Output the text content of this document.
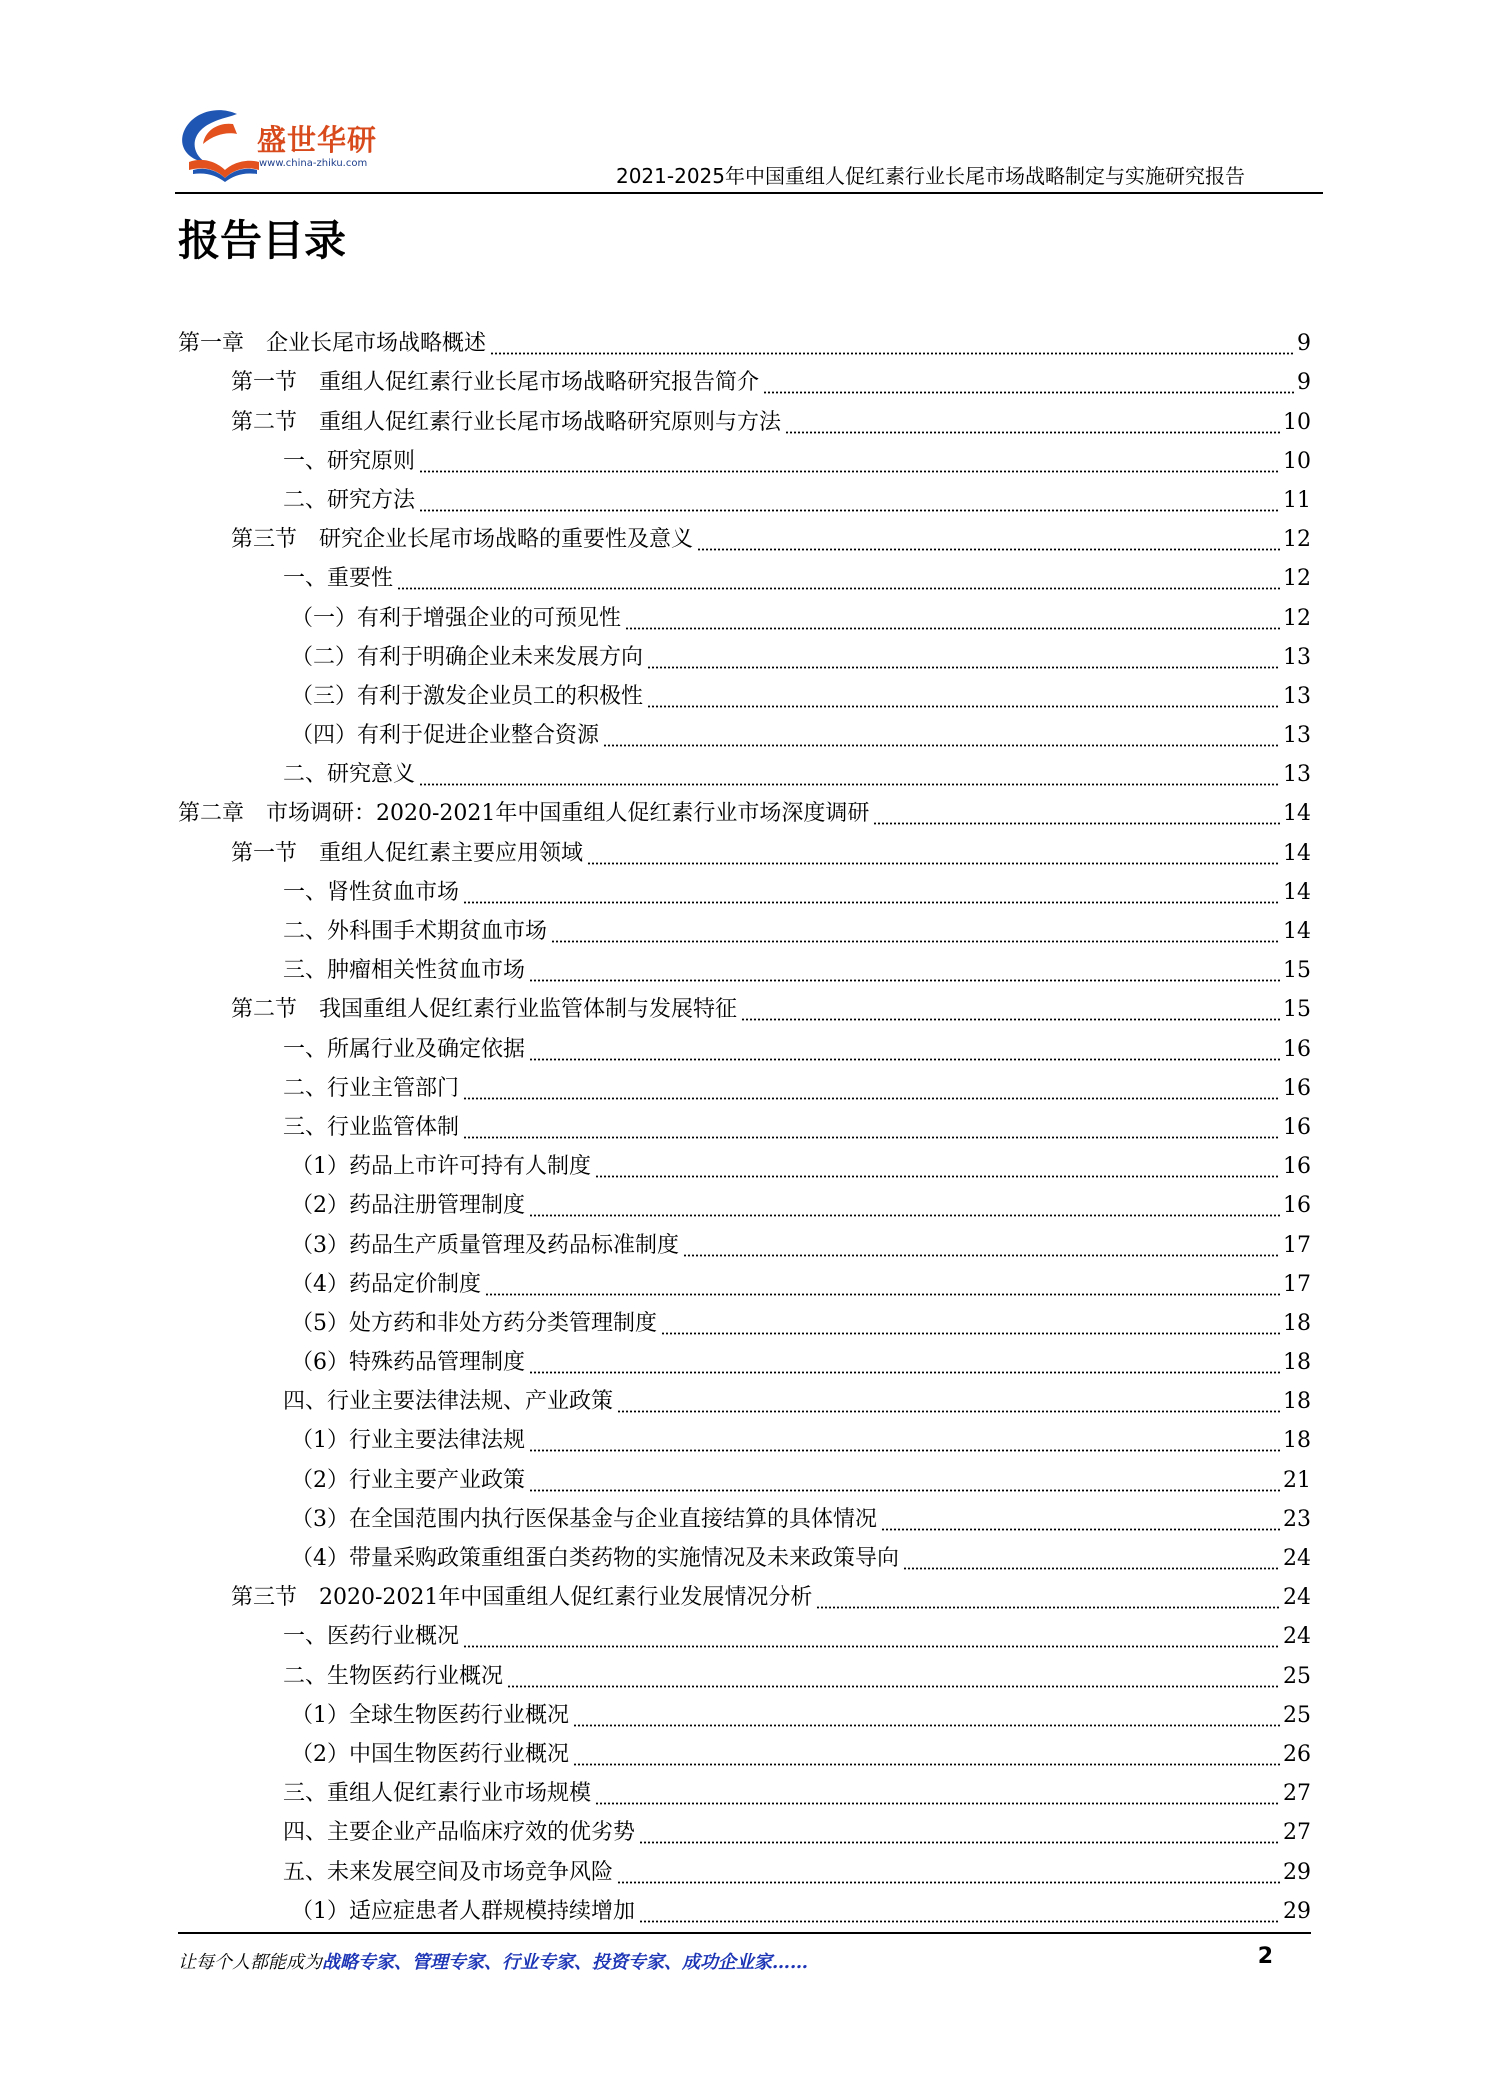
盛世华研
www.china-zhiku.com
2021-2025年中国重组人促红素行业长尾市场战略制定与实施研究报告
报告目录
第一章　企业长尾市场战略概述	9
第一节　重组人促红素行业长尾市场战略研究报告简介	9
第二节　重组人促红素行业长尾市场战略研究原则与方法	10
一、研究原则	10
二、研究方法	11
第三节　研究企业长尾市场战略的重要性及意义	12
一、重要性	12
（一）有利于增强企业的可预见性	12
（二）有利于明确企业未来发展方向	13
（三）有利于激发企业员工的积极性	13
（四）有利于促进企业整合资源	13
二、研究意义	13
第二章　市场调研：2020-2021年中国重组人促红素行业市场深度调研	14
第一节　重组人促红素主要应用领域	14
一、肾性贫血市场	14
二、外科围手术期贫血市场	14
三、肿瘤相关性贫血市场	15
第二节　我国重组人促红素行业监管体制与发展特征	15
一、所属行业及确定依据	16
二、行业主管部门	16
三、行业监管体制	16
（1）药品上市许可持有人制度	16
（2）药品注册管理制度	16
（3）药品生产质量管理及药品标准制度	17
（4）药品定价制度	17
（5）处方药和非处方药分类管理制度	18
（6）特殊药品管理制度	18
四、行业主要法律法规、产业政策	18
（1）行业主要法律法规	18
（2）行业主要产业政策	21
（3）在全国范围内执行医保基金与企业直接结算的具体情况	23
（4）带量采购政策重组蛋白类药物的实施情况及未来政策导向	24
第三节　2020-2021年中国重组人促红素行业发展情况分析	24
一、医药行业概况	24
二、生物医药行业概况	25
（1）全球生物医药行业概况	25
（2）中国生物医药行业概况	26
三、重组人促红素行业市场规模	27
四、主要企业产品临床疗效的优劣势	27
五、未来发展空间及市场竞争风险	29
（1）适应症患者人群规模持续增加	29
让每个人都能成为战略专家、管理专家、行业专家、投资专家、成功企业家……	2
